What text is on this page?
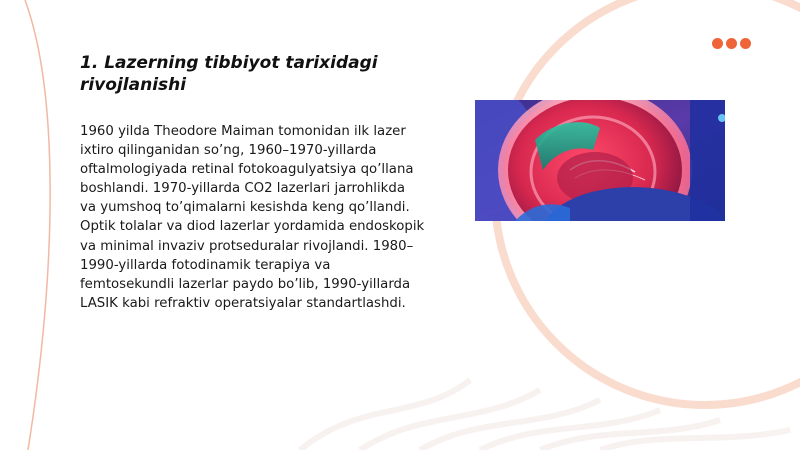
1. Lazerning tibbiyot tarixidagi rivojlanishi

1960 yilda Theodore Maiman tomonidan ilk lazer ixtiro qilinganidan so’ng, 1960–1970-yillarda oftalmologiyada retinal fotokoagulyatsiya qo’llana boshlandi. 1970-yillarda CO2 lazerlari jarrohlikda va yumshoq to’qimalarni kesishda keng qo’llandi. Optik tolalar va diod lazerlar yordamida endoskopik va minimal invaziv protseduralar rivojlandi. 1980–1990-yillarda fotodinamik terapiya va femtosekundli lazerlar paydo bo’lib, 1990-yillarda LASIK kabi refraktiv operatsiyalar standartlashdi.
